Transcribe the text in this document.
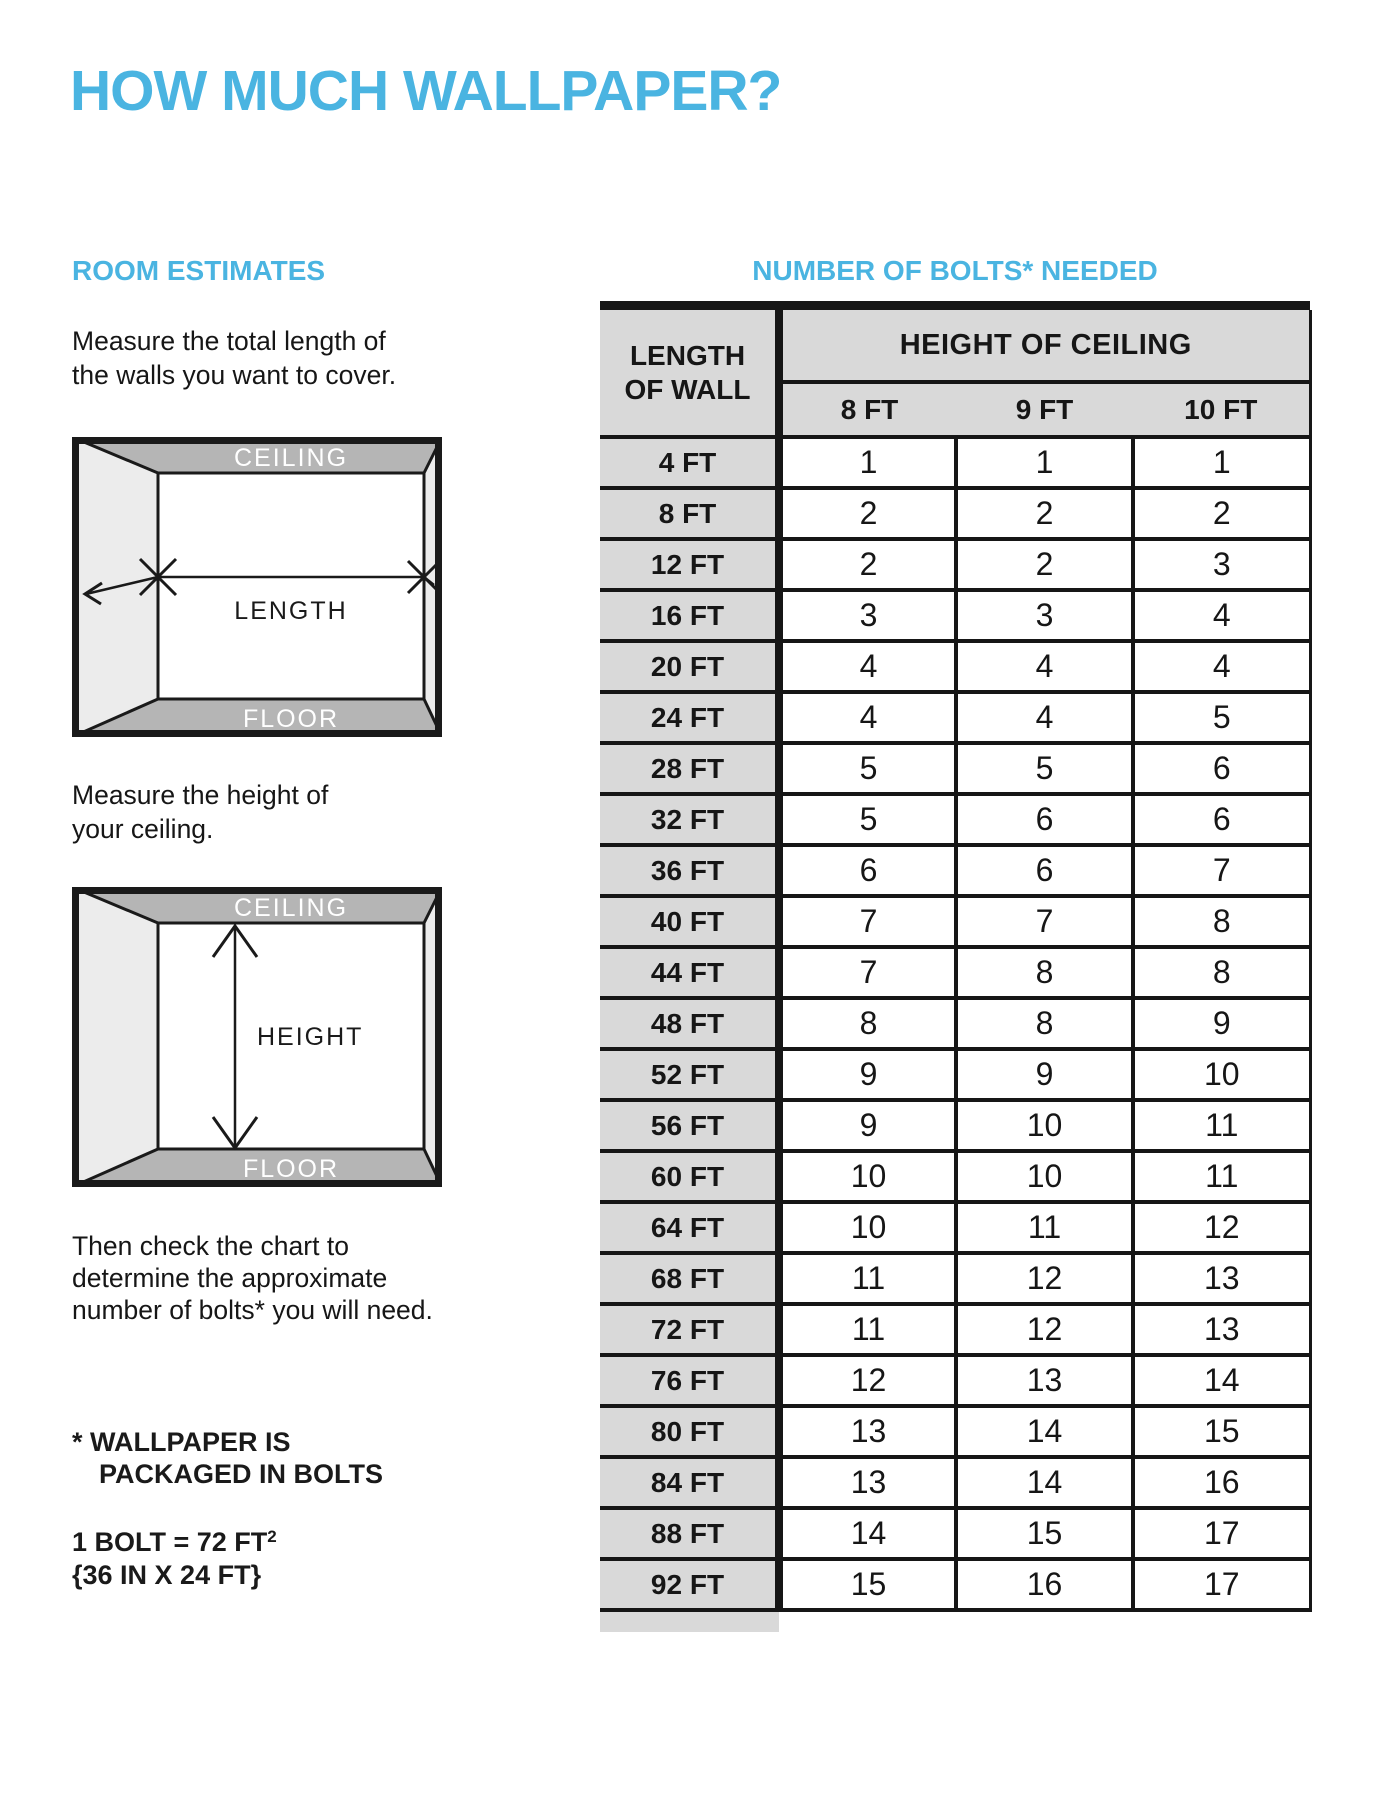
HOW MUCH WALLPAPER?
ROOM ESTIMATES
Measure the total length of
the walls you want to cover.
CEILING
FLOOR
LENGTH
Measure the height of
your ceiling.
CEILING
FLOOR
HEIGHT
Then check the chart to
determine the approximate
number of bolts* you will need.
* WALLPAPER IS
PACKAGED IN BOLTS
1 BOLT = 72 $FT^2$
{36 IN X 24 FT}
NUMBER OF BOLTS* NEEDED
LENGTH
OF WALL	HEIGHT OF CEILING		
	8 FT	9 FT	10 FT
4 FT	1	1	1
8 FT	2	2	2
12 FT	2	2	3
16 FT	3	3	4
20 FT	4	4	4
24 FT	4	4	5
28 FT	5	5	6
32 FT	5	6	6
36 FT	6	6	7
40 FT	7	7	8
44 FT	7	8	8
48 FT	8	8	9
52 FT	9	9	10
56 FT	9	10	11
60 FT	10	10	11
64 FT	10	11	12
68 FT	11	12	13
72 FT	11	12	13
76 FT	12	13	14
80 FT	13	14	15
84 FT	13	14	16
88 FT	14	15	17
92 FT	15	16	17
